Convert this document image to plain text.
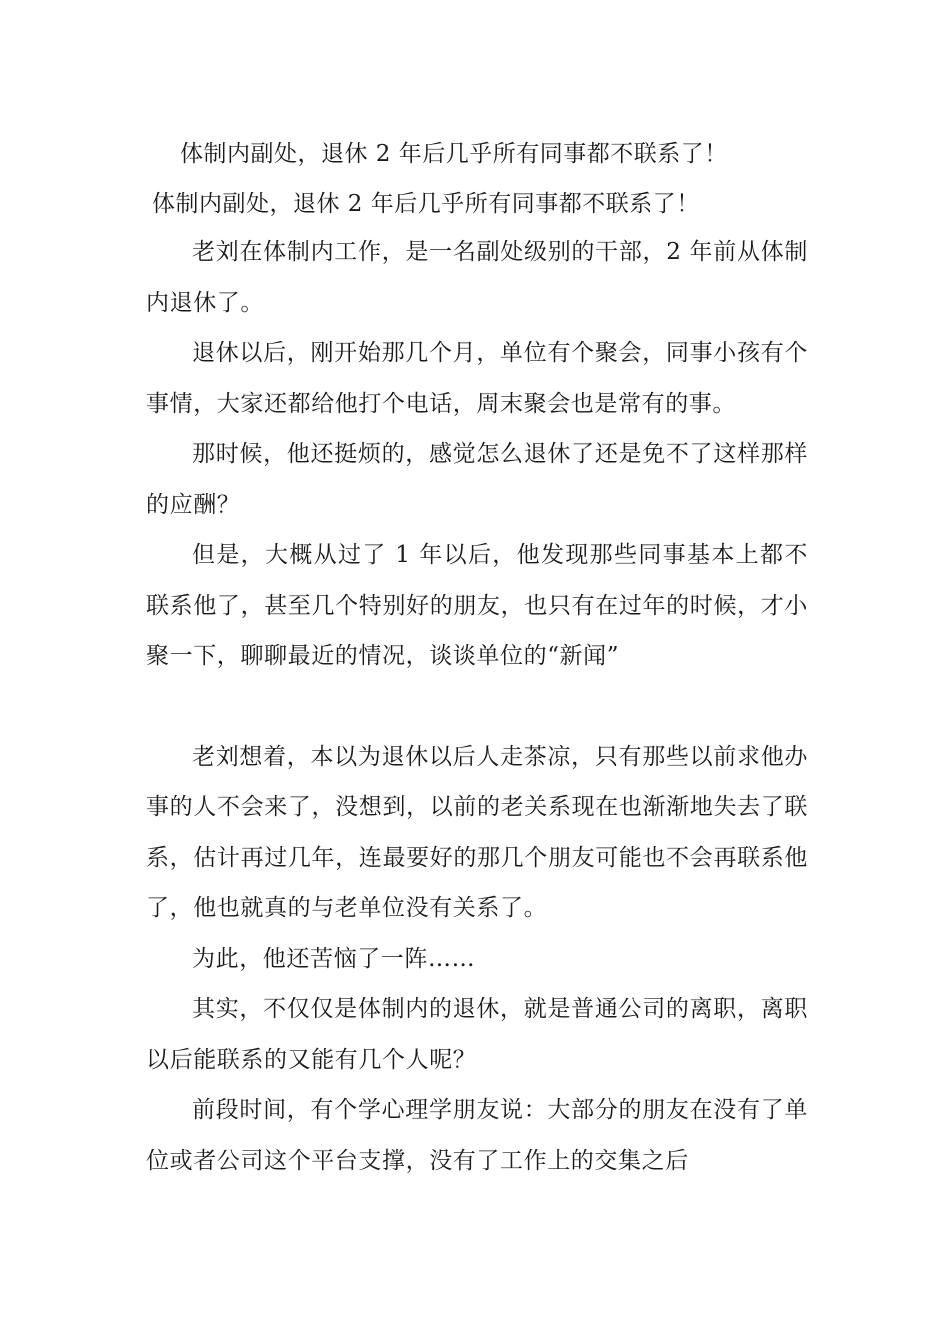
体制内副处，退休 2 年后几乎所有同事都不联系了！
体制内副处，退休 2 年后几乎所有同事都不联系了！

老刘在体制内工作，是一名副处级别的干部，2 年前从体制内退休了。

退休以后，刚开始那几个月，单位有个聚会，同事小孩有个事情，大家还都给他打个电话，周末聚会也是常有的事。

那时候，他还挺烦的，感觉怎么退休了还是免不了这样那样的应酬？

但是，大概从过了 1 年以后，他发现那些同事基本上都不联系他了，甚至几个特别好的朋友，也只有在过年的时候，才小聚一下，聊聊最近的情况，谈谈单位的“新闻”

老刘想着，本以为退休以后人走茶凉，只有那些以前求他办事的人不会来了，没想到，以前的老关系现在也渐渐地失去了联系，估计再过几年，连最要好的那几个朋友可能也不会再联系他了，他也就真的与老单位没有关系了。

为此，他还苦恼了一阵……

其实，不仅仅是体制内的退休，就是普通公司的离职，离职以后能联系的又能有几个人呢？

前段时间，有个学心理学朋友说：大部分的朋友在没有了单位或者公司这个平台支撑，没有了工作上的交集之后
